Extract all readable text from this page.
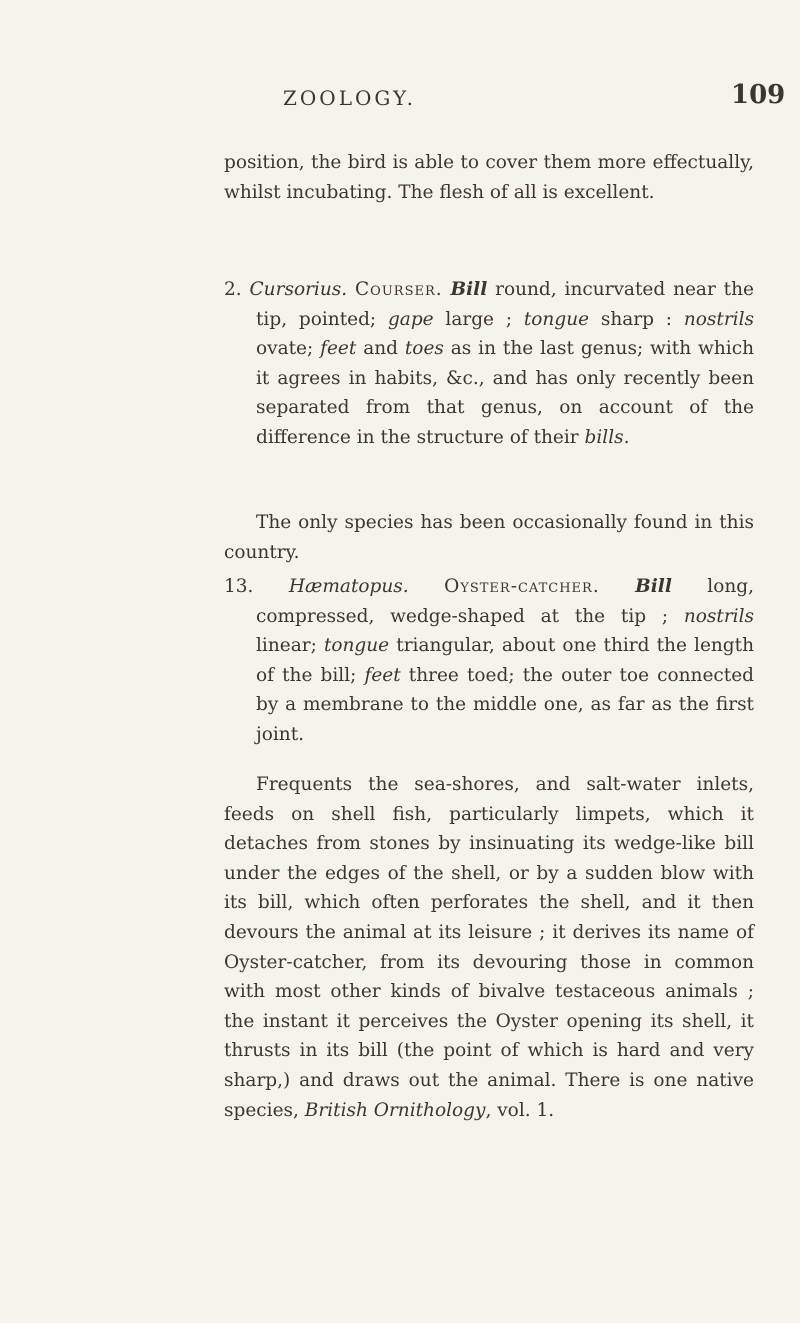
ZOOLOGY.	109

position, the bird is able to cover them more effectually, whilst incubating. The flesh of all is excellent.

2. Cursorius. Courser. Bill round, incurvated near the tip, pointed; gape large ; tongue sharp : nostrils ovate; feet and toes as in the last genus; with which it agrees in habits, &c., and has only recently been separated from that genus, on account of the difference in the structure of their bills.

The only species has been occasionally found in this country.

13. Hæmatopus. Oyster-catcher. Bill long, compressed, wedge-shaped at the tip ; nostrils linear; tongue triangular, about one third the length of the bill; feet three toed; the outer toe connected by a membrane to the middle one, as far as the first joint.

Frequents the sea-shores, and salt-water inlets, feeds on shell fish, particularly limpets, which it detaches from stones by insinuating its wedge-like bill under the edges of the shell, or by a sudden blow with its bill, which often perforates the shell, and it then devours the animal at its leisure ; it derives its name of Oyster-catcher, from its devouring those in common with most other kinds of bivalve testaceous animals ; the instant it perceives the Oyster opening its shell, it thrusts in its bill (the point of which is hard and very sharp,) and draws out the animal. There is one native species, British Ornithology, vol. 1.
